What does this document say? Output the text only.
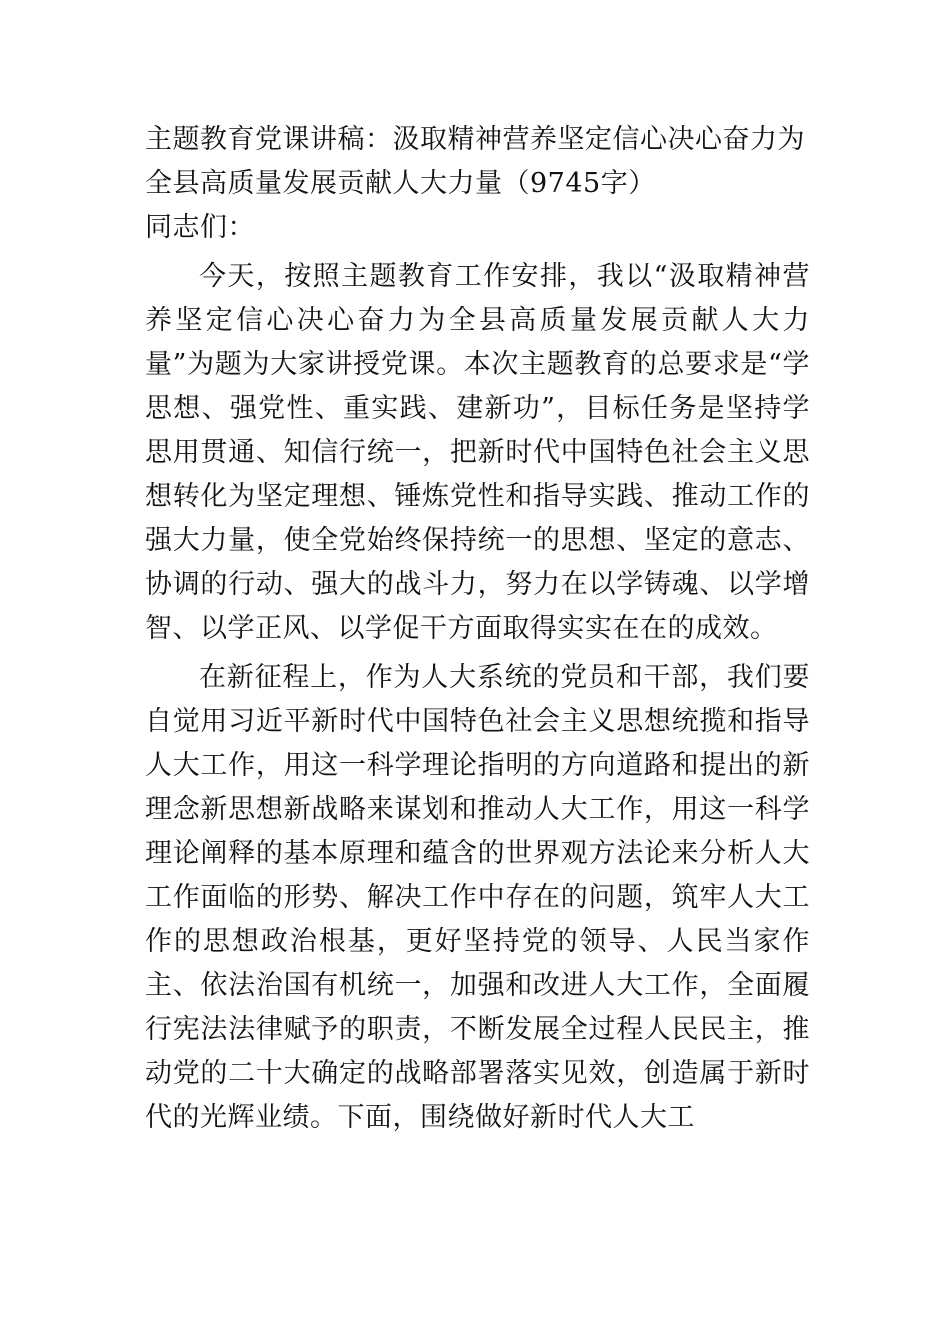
主题教育党课讲稿：汲取精神营养坚定信心决心奋力为全县高质量发展贡献人大力量（9745字）

同志们：

今天，按照主题教育工作安排，我以“汲取精神营养坚定信心决心奋力为全县高质量发展贡献人大力量”为题为大家讲授党课。本次主题教育的总要求是“学思想、强党性、重实践、建新功”，目标任务是坚持学思用贯通、知信行统一，把新时代中国特色社会主义思想转化为坚定理想、锤炼党性和指导实践、推动工作的强大力量，使全党始终保持统一的思想、坚定的意志、协调的行动、强大的战斗力，努力在以学铸魂、以学增智、以学正风、以学促干方面取得实实在在的成效。

在新征程上，作为人大系统的党员和干部，我们要自觉用习近平新时代中国特色社会主义思想统揽和指导人大工作，用这一科学理论指明的方向道路和提出的新理念新思想新战略来谋划和推动人大工作，用这一科学理论阐释的基本原理和蕴含的世界观方法论来分析人大工作面临的形势、解决工作中存在的问题，筑牢人大工作的思想政治根基，更好坚持党的领导、人民当家作主、依法治国有机统一，加强和改进人大工作，全面履行宪法法律赋予的职责，不断发展全过程人民民主，推动党的二十大确定的战略部署落实见效，创造属于新时代的光辉业绩。下面，围绕做好新时代人大工
